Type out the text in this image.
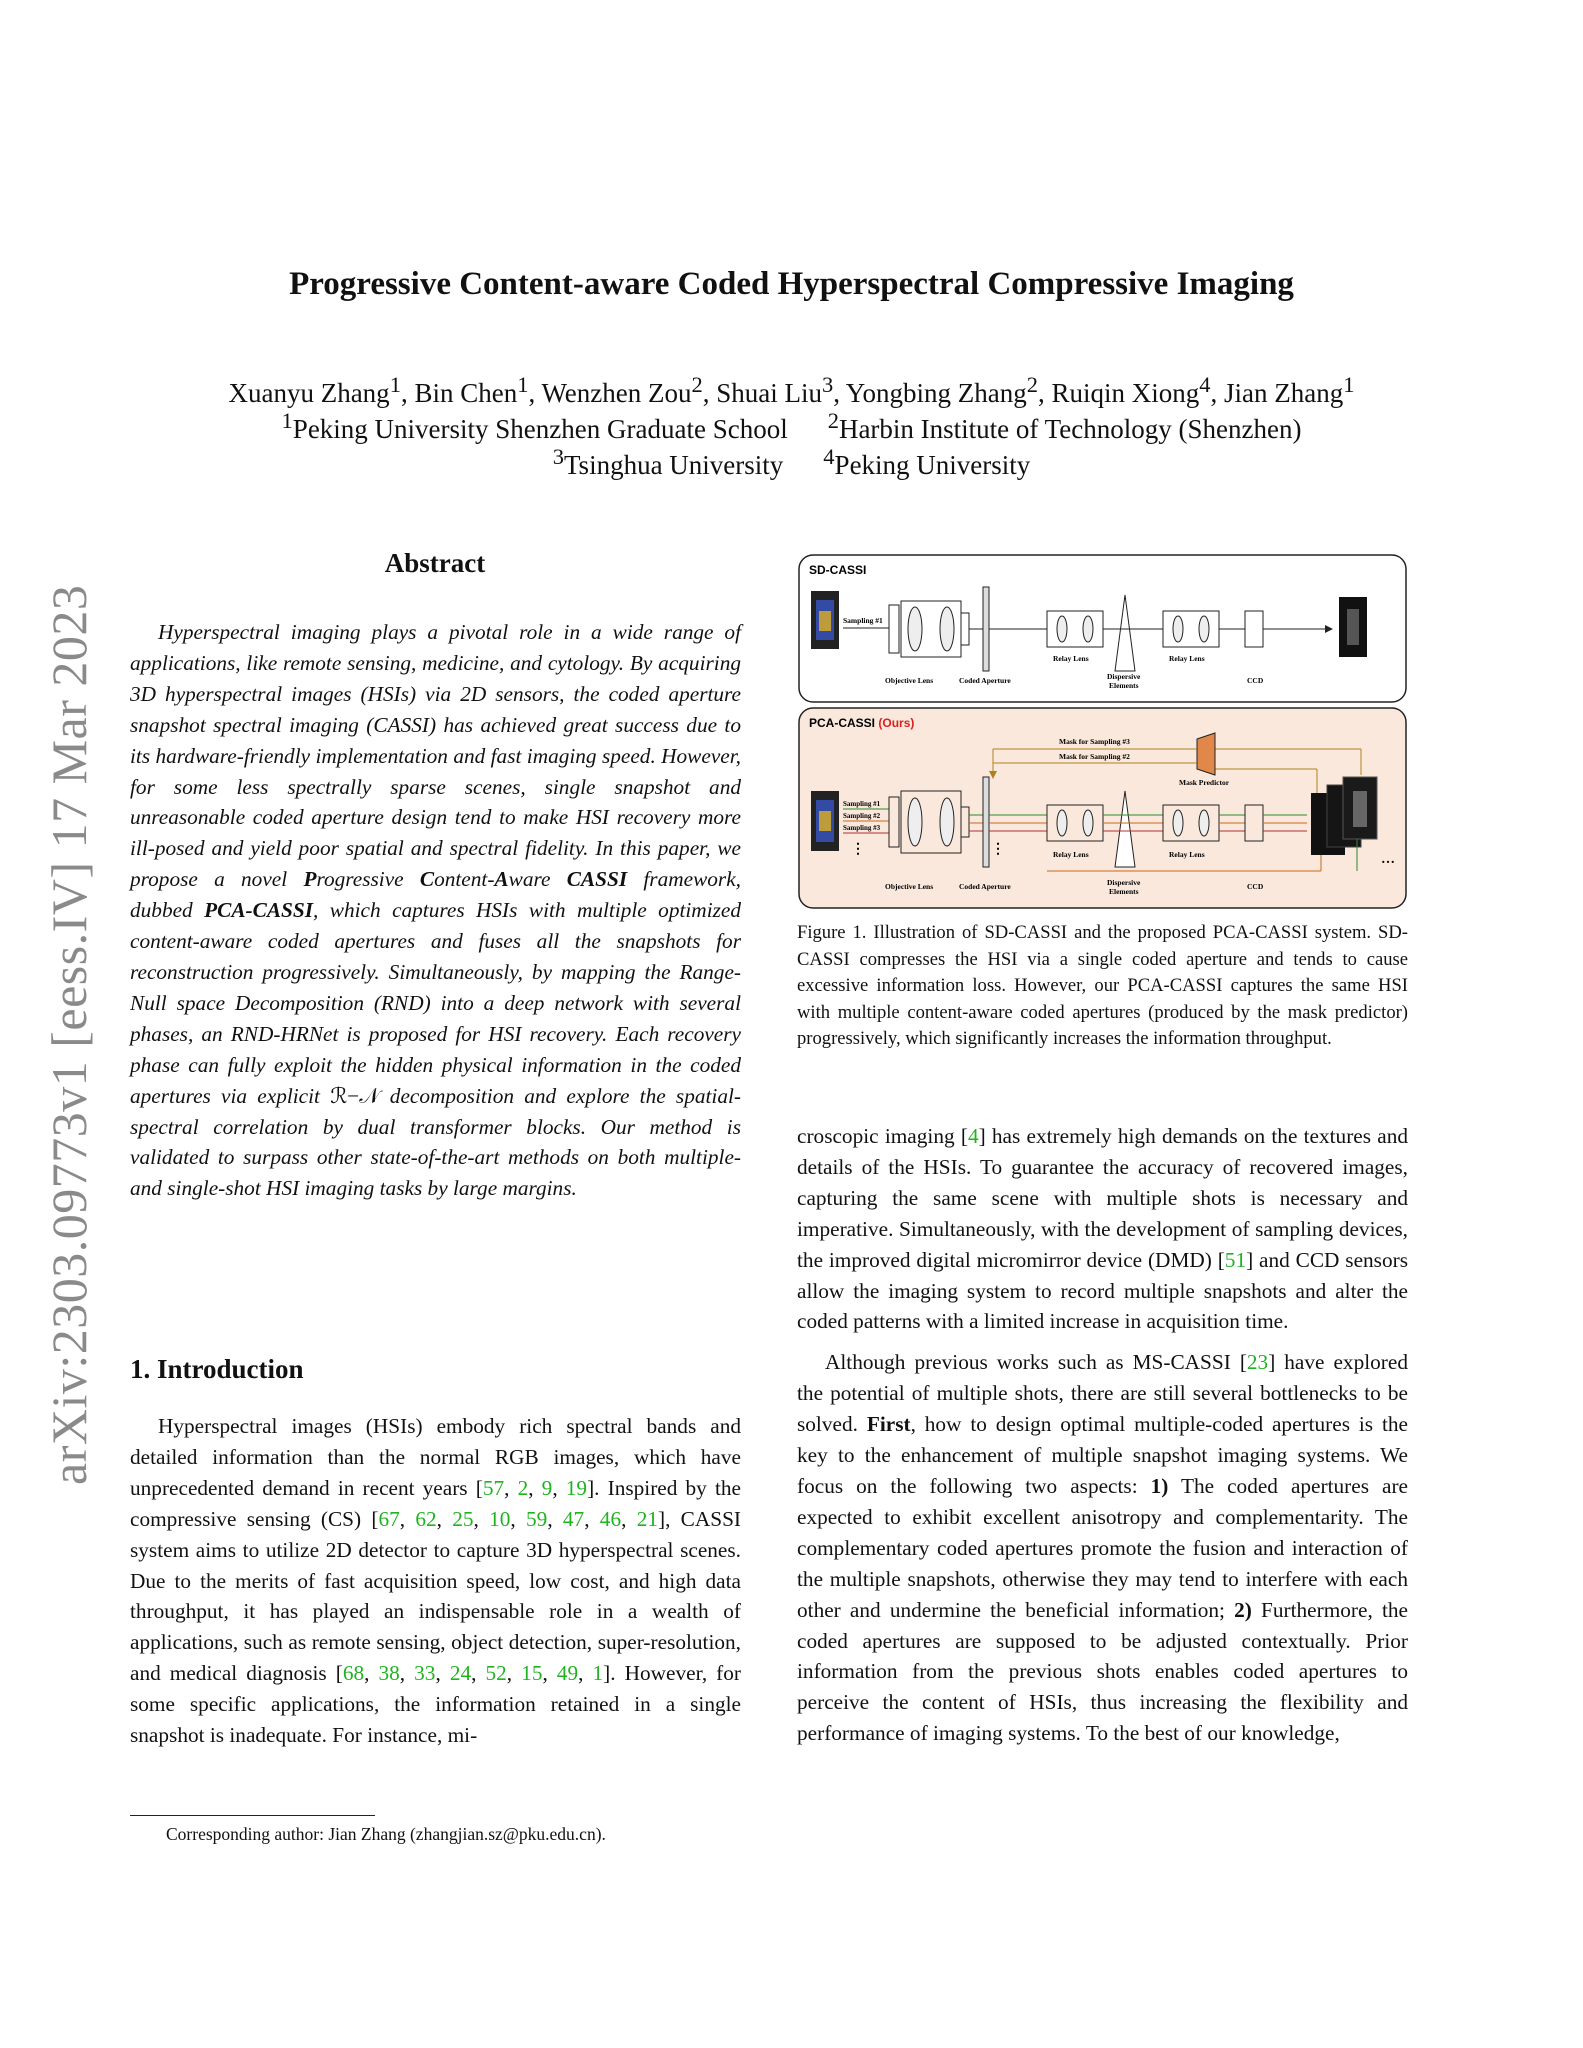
arXiv:2303.09773v1 [eess.IV] 17 Mar 2023
Progressive Content-aware Coded Hyperspectral Compressive Imaging
Xuanyu Zhang$^1$, Bin Chen$^1$, Wenzhen Zou$^2$, Shuai Liu$^3$, Yongbing Zhang$^2$, Ruiqin Xiong$^4$, Jian Zhang$^1$
$^1$Peking University Shenzhen Graduate School $^2$Harbin Institute of Technology (Shenzhen)
$^3$Tsinghua University $^4$Peking University
Abstract
Hyperspectral imaging plays a pivotal role in a wide range of applications, like remote sensing, medicine, and cytology. By acquiring 3D hyperspectral images (HSIs) via 2D sensors, the coded aperture snapshot spectral imaging (CASSI) has achieved great success due to its hardware-friendly implementation and fast imaging speed. However, for some less spectrally sparse scenes, single snapshot and unreasonable coded aperture design tend to make HSI recovery more ill-posed and yield poor spatial and spectral fidelity. In this paper, we propose a novel Progressive Content-Aware CASSI framework, dubbed PCA-CASSI, which captures HSIs with multiple optimized content-aware coded apertures and fuses all the snapshots for reconstruction progressively. Simultaneously, by mapping the Range-Null space Decomposition (RND) into a deep network with several phases, an RND-HRNet is proposed for HSI recovery. Each recovery phase can fully exploit the hidden physical information in the coded apertures via explicit ℛ−𝒩 decomposition and explore the spatial-spectral correlation by dual transformer blocks. Our method is validated to surpass other state-of-the-art methods on both multiple- and single-shot HSI imaging tasks by large margins.
1. Introduction
Hyperspectral images (HSIs) embody rich spectral bands and detailed information than the normal RGB images, which have unprecedented demand in recent years [57, 2, 9, 19]. Inspired by the compressive sensing (CS) [67, 62, 25, 10, 59, 47, 46, 21], CASSI system aims to utilize 2D detector to capture 3D hyperspectral scenes. Due to the merits of fast acquisition speed, low cost, and high data throughput, it has played an indispensable role in a wealth of applications, such as remote sensing, object detection, super-resolution, and medical diagnosis [68, 38, 33, 24, 52, 15, 49, 1]. However, for some specific applications, the information retained in a single snapshot is inadequate. For instance, mi-
Corresponding author: Jian Zhang (zhangjian.sz@pku.edu.cn).
SD-CASSI
Sampling #1
Objective Lens	Coded Aperture
Relay Lens	Relay Lens
Dispersive
Elements
CCD
PCA-CASSI (Ours)
Sampling #1
Sampling #2
Sampling #3
⋮	⋮
…
Mask for Sampling #3
Mask for Sampling #2
Mask Predictor
Objective Lens	Coded Aperture
Relay Lens	Relay Lens
Dispersive
Elements
CCD
Figure 1. Illustration of SD-CASSI and the proposed PCA-CASSI system. SD-CASSI compresses the HSI via a single coded aperture and tends to cause excessive information loss. However, our PCA-CASSI captures the same HSI with multiple content-aware coded apertures (produced by the mask predictor) progressively, which significantly increases the information throughput.

croscopic imaging [4] has extremely high demands on the textures and details of the HSIs. To guarantee the accuracy of recovered images, capturing the same scene with multiple shots is necessary and imperative. Simultaneously, with the development of sampling devices, the improved digital micromirror device (DMD) [51] and CCD sensors allow the imaging system to record multiple snapshots and alter the coded patterns with a limited increase in acquisition time.

Although previous works such as MS-CASSI [23] have explored the potential of multiple shots, there are still several bottlenecks to be solved. First, how to design optimal multiple-coded apertures is the key to the enhancement of multiple snapshot imaging systems. We focus on the following two aspects: 1) The coded apertures are expected to exhibit excellent anisotropy and complementarity. The complementary coded apertures promote the fusion and interaction of the multiple snapshots, otherwise they may tend to interfere with each other and undermine the beneficial information; 2) Furthermore, the coded apertures are supposed to be adjusted contextually. Prior information from the previous shots enables coded apertures to perceive the content of HSIs, thus increasing the flexibility and performance of imaging systems. To the best of our knowledge,
